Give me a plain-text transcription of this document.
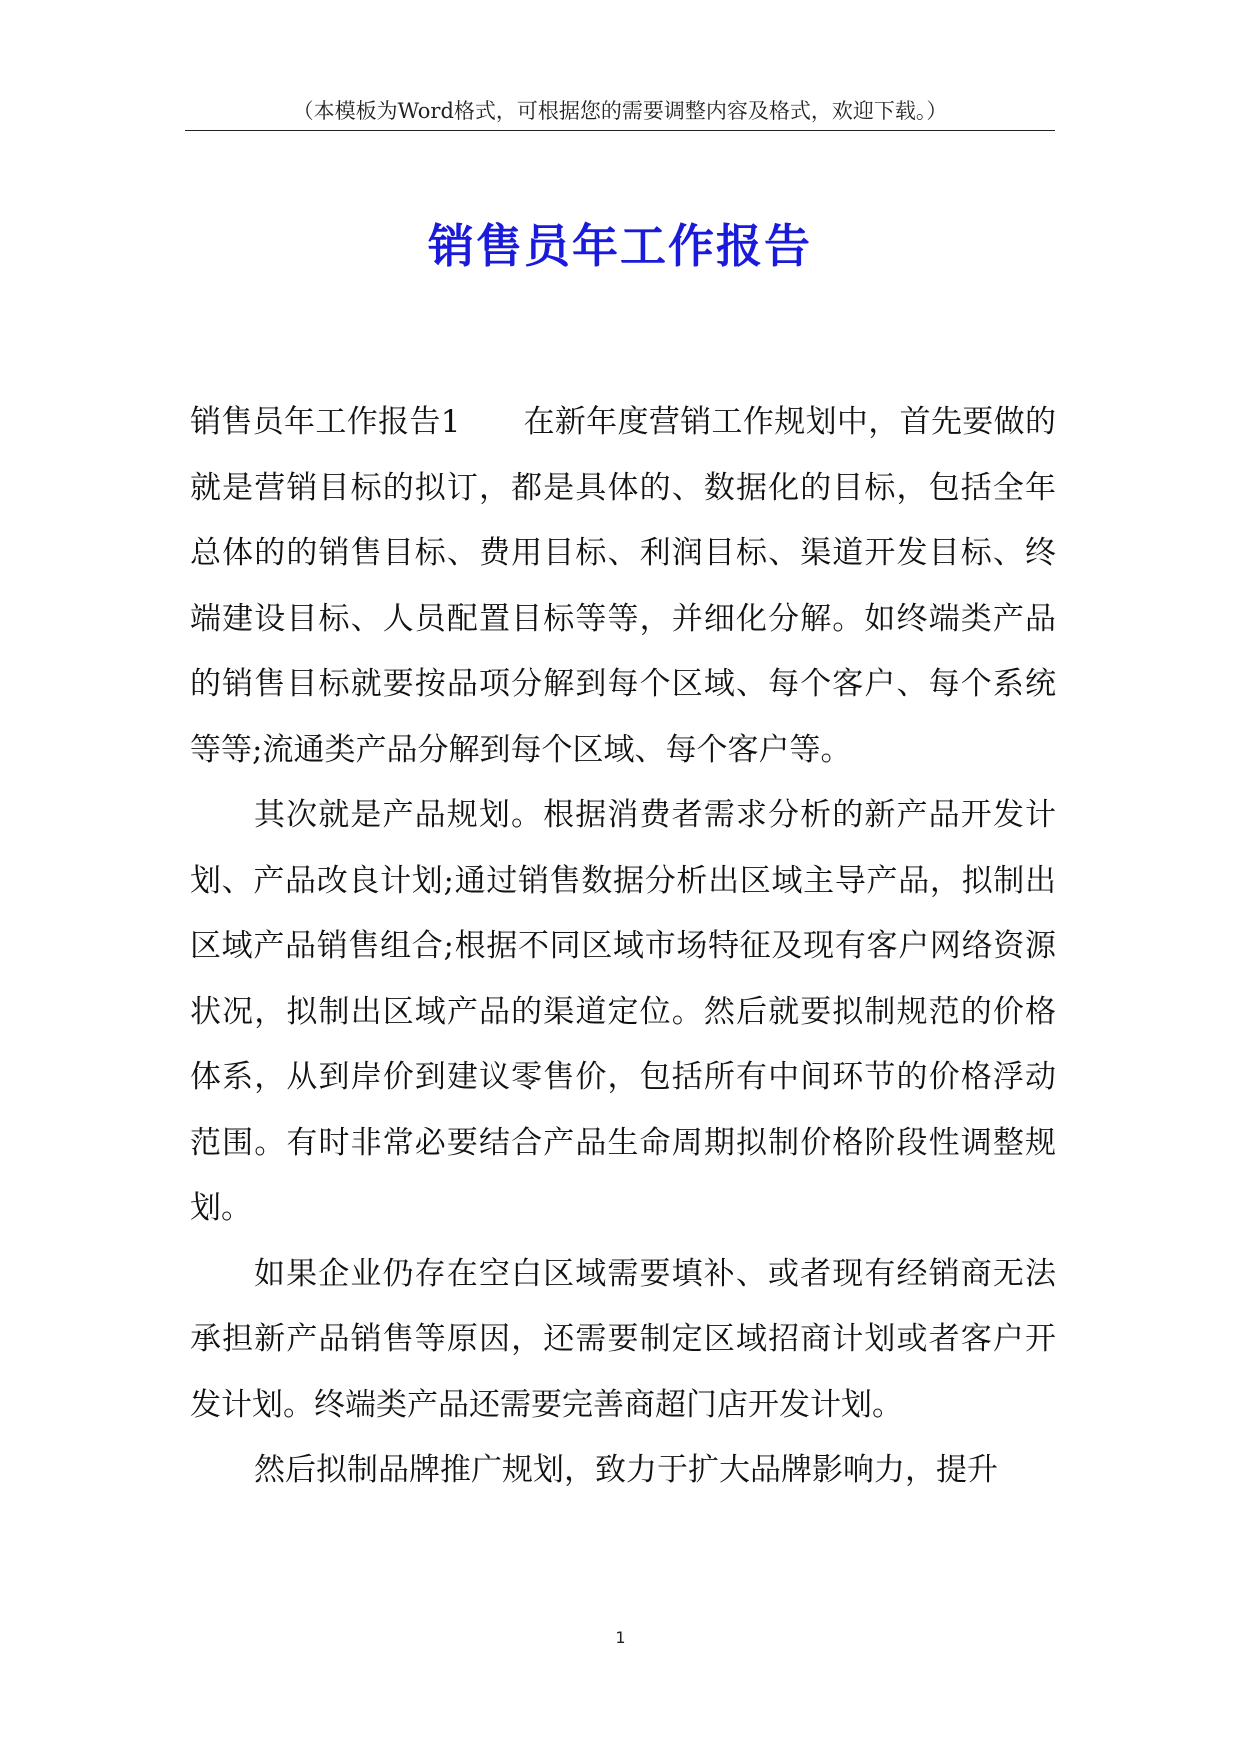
（本模板为Word格式，可根据您的需要调整内容及格式，欢迎下载。）
销售员年工作报告

销售员年工作报告1　　在新年度营销工作规划中，首先要做的就是营销目标的拟订，都是具体的、数据化的目标，包括全年总体的的销售目标、费用目标、利润目标、渠道开发目标、终端建设目标、人员配置目标等等，并细化分解。如终端类产品的销售目标就要按品项分解到每个区域、每个客户、每个系统等等;流通类产品分解到每个区域、每个客户等。

其次就是产品规划。根据消费者需求分析的新产品开发计划、产品改良计划;通过销售数据分析出区域主导产品，拟制出区域产品销售组合;根据不同区域市场特征及现有客户网络资源状况，拟制出区域产品的渠道定位。然后就要拟制规范的价格体系，从到岸价到建议零售价，包括所有中间环节的价格浮动范围。有时非常必要结合产品生命周期拟制价格阶段性调整规划。

如果企业仍存在空白区域需要填补、或者现有经销商无法承担新产品销售等原因，还需要制定区域招商计划或者客户开发计划。终端类产品还需要完善商超门店开发计划。

然后拟制品牌推广规划，致力于扩大品牌影响力，提升

1
